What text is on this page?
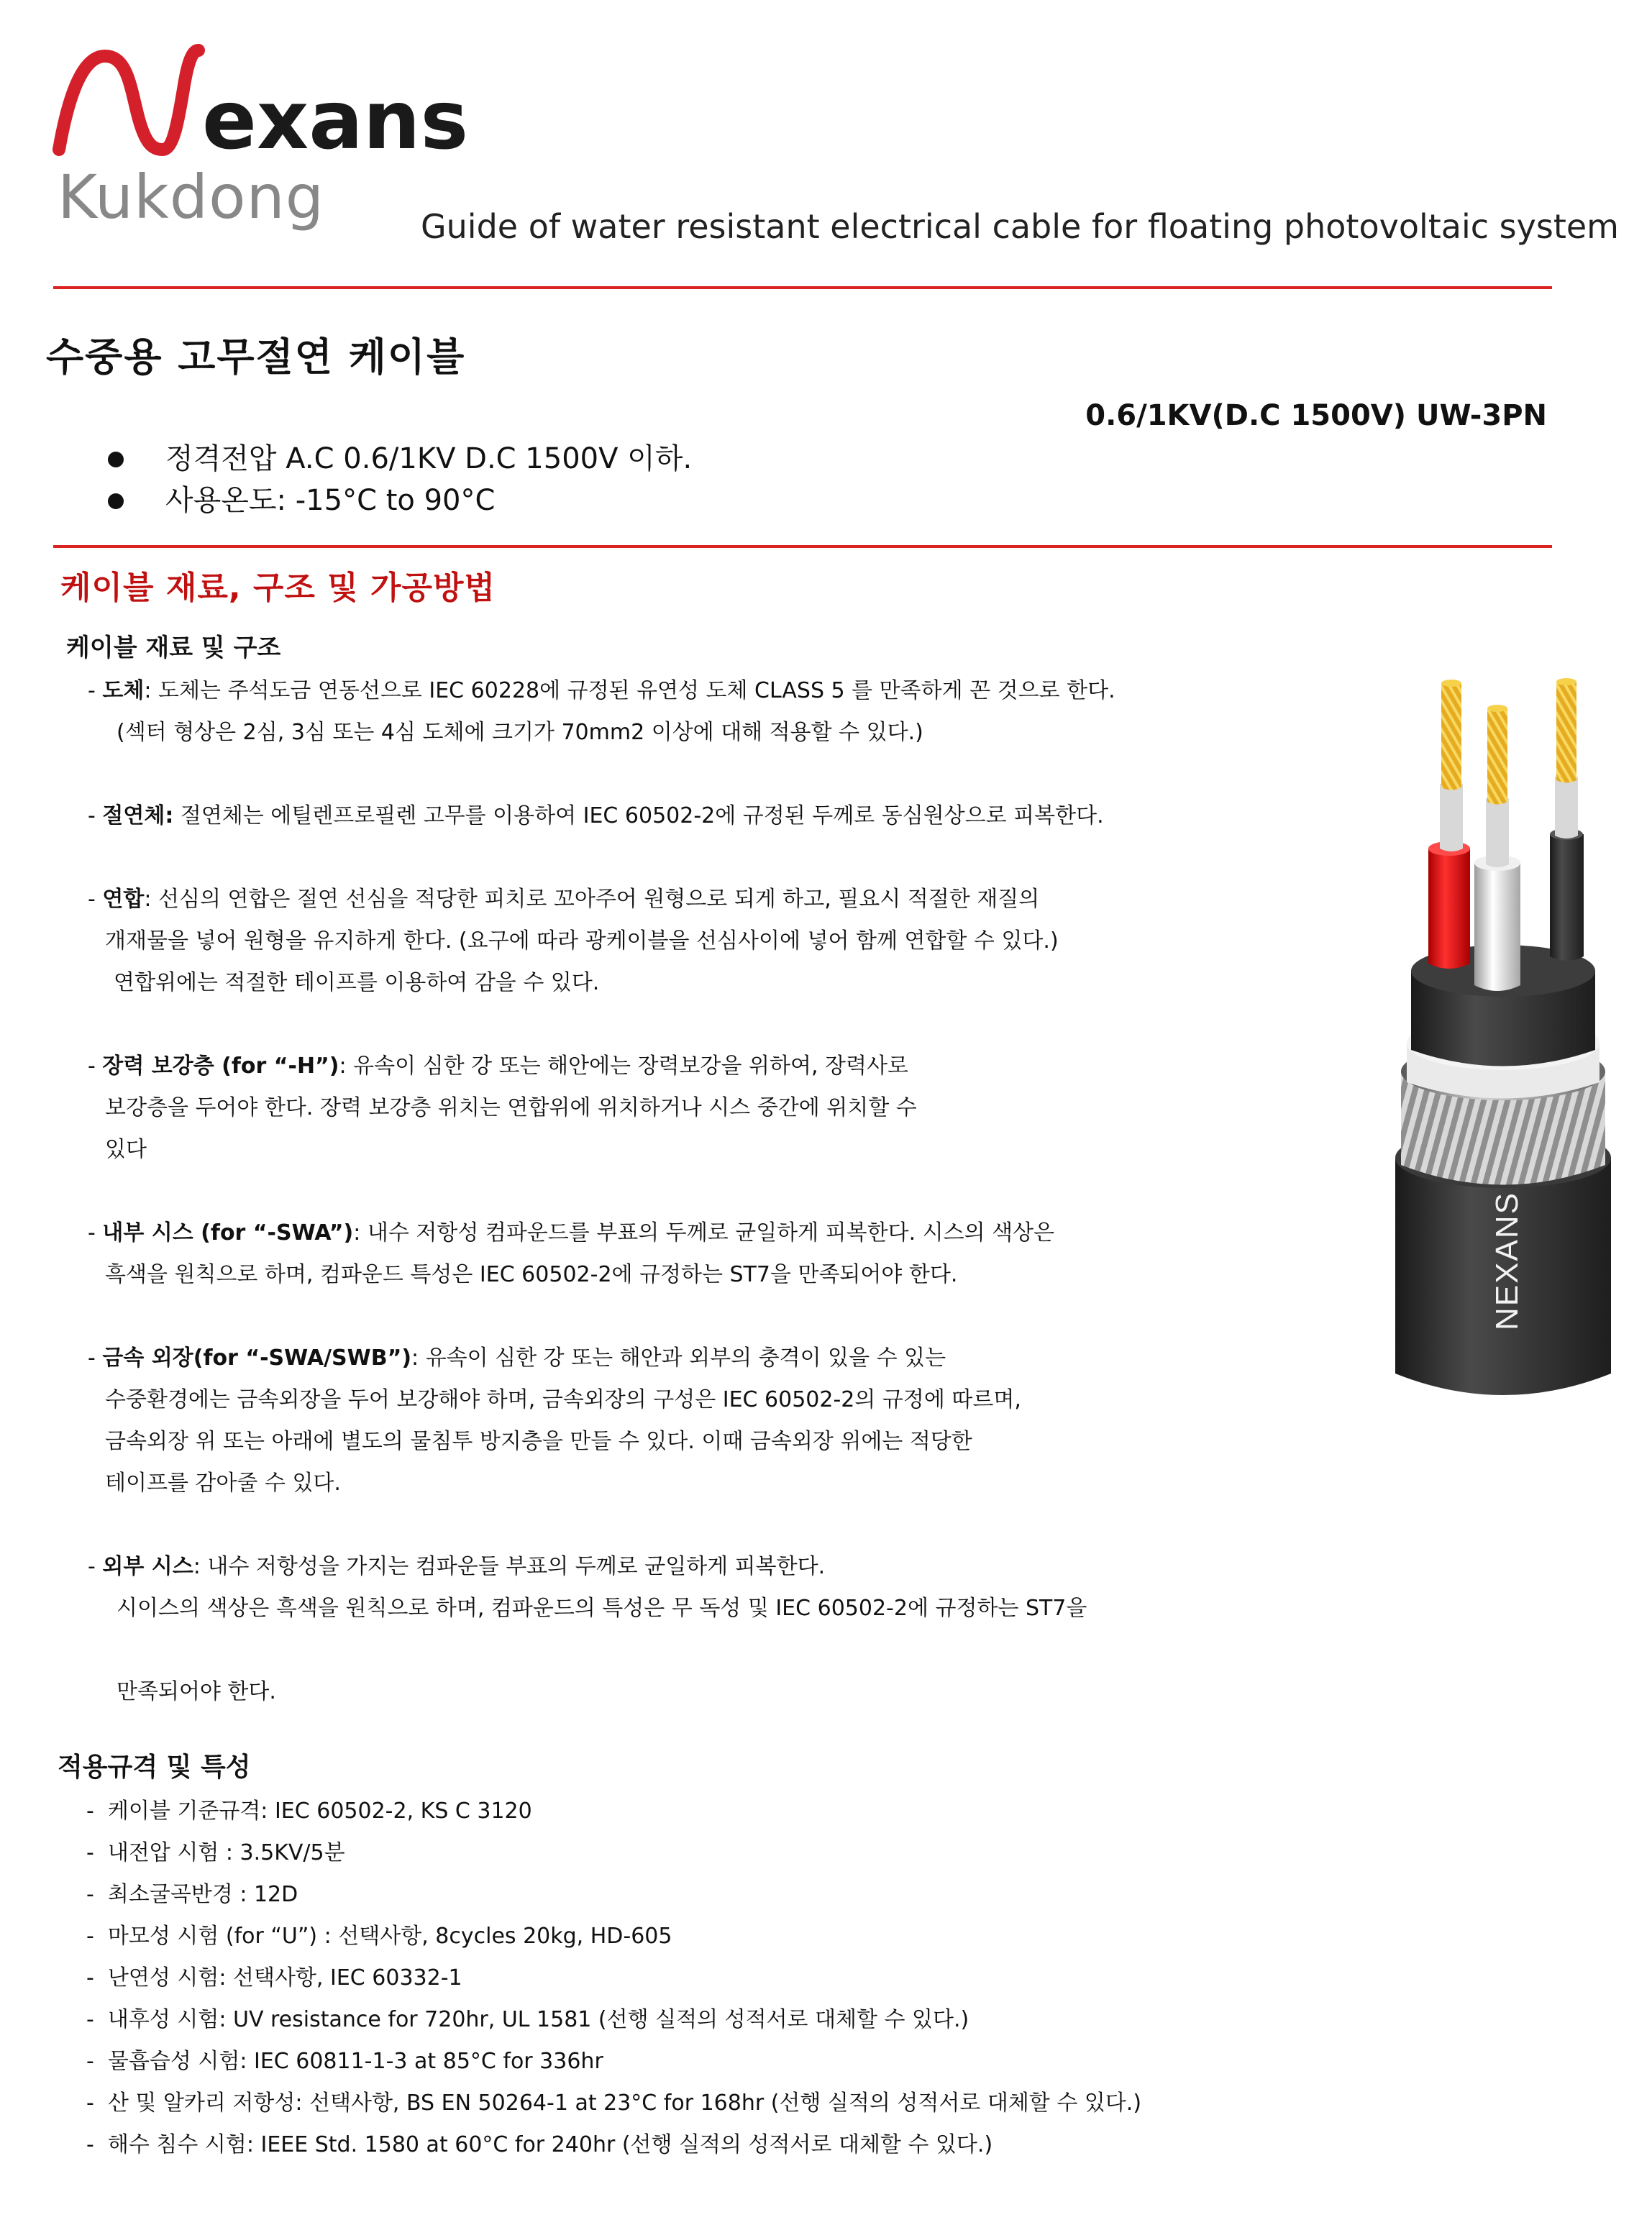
Nexans
exans
Kukdong	Guide of water resistant electrical cable for floating photovoltaic system
수중용 고무절연 케이블
0.6/1KV(D.C 1500V) UW-3PN
정격전압 A.C 0.6/1KV D.C 1500V 이하.
사용온도: -15°C to 90°C
케이블 재료, 구조 및 가공방법
케이블 재료 및 구조
- 도체: 도체는 주석도금 연동선으로 IEC 60228에 규정된 유연성 도체 CLASS 5 를 만족하게 꼰 것으로 한다.
(섹터 형상은 2심, 3심 또는 4심 도체에 크기가 70mm2 이상에 대해 적용할 수 있다.)
- 절연체: 절연체는 에틸렌프로필렌 고무를 이용하여 IEC 60502-2에 규정된 두께로 동심원상으로 피복한다.
- 연합: 선심의 연합은 절연 선심을 적당한 피치로 꼬아주어 원형으로 되게 하고, 필요시 적절한 재질의
개재물을 넣어 원형을 유지하게 한다. (요구에 따라 광케이블을 선심사이에 넣어 함께 연합할 수 있다.)
연합위에는 적절한 테이프를 이용하여 감을 수 있다.
- 장력 보강층 (for “-H”): 유속이 심한 강 또는 해안에는 장력보강을 위하여, 장력사로
보강층을 두어야 한다. 장력 보강층 위치는 연합위에 위치하거나 시스 중간에 위치할 수
있다
- 내부 시스 (for “-SWA”): 내수 저항성 컴파운드를 부표의 두께로 균일하게 피복한다. 시스의 색상은
흑색을 원칙으로 하며, 컴파운드 특성은 IEC 60502-2에 규정하는 ST7을 만족되어야 한다.
- 금속 외장(for “-SWA/SWB”): 유속이 심한 강 또는 해안과 외부의 충격이 있을 수 있는
수중환경에는 금속외장을 두어 보강해야 하며, 금속외장의 구성은 IEC 60502-2의 규정에 따르며,
금속외장 위 또는 아래에 별도의 물침투 방지층을 만들 수 있다. 이때 금속외장 위에는 적당한
테이프를 감아줄 수 있다.
- 외부 시스: 내수 저항성을 가지는 컴파운들 부표의 두께로 균일하게 피복한다.
시이스의 색상은 흑색을 원칙으로 하며, 컴파운드의 특성은 무 독성 및 IEC 60502-2에 규정하는 ST7을
만족되어야 한다.
적용규격 및 특성
-  케이블 기준규격: IEC 60502-2, KS C 3120
-  내전압 시험 : 3.5KV/5분
-  최소굴곡반경 : 12D
-  마모성 시험 (for “U”) : 선택사항, 8cycles 20kg, HD-605
-  난연성 시험: 선택사항, IEC 60332-1
-  내후성 시험: UV resistance for 720hr, UL 1581 (선행 실적의 성적서로 대체할 수 있다.)
-  물흡습성 시험: IEC 60811-1-3 at 85°C for 336hr
-  산 및 알카리 저항성: 선택사항, BS EN 50264-1 at 23°C for 168hr (선행 실적의 성적서로 대체할 수 있다.)
-  해수 침수 시험: IEEE Std. 1580 at 60°C for 240hr (선행 실적의 성적서로 대체할 수 있다.)
NEXANS
